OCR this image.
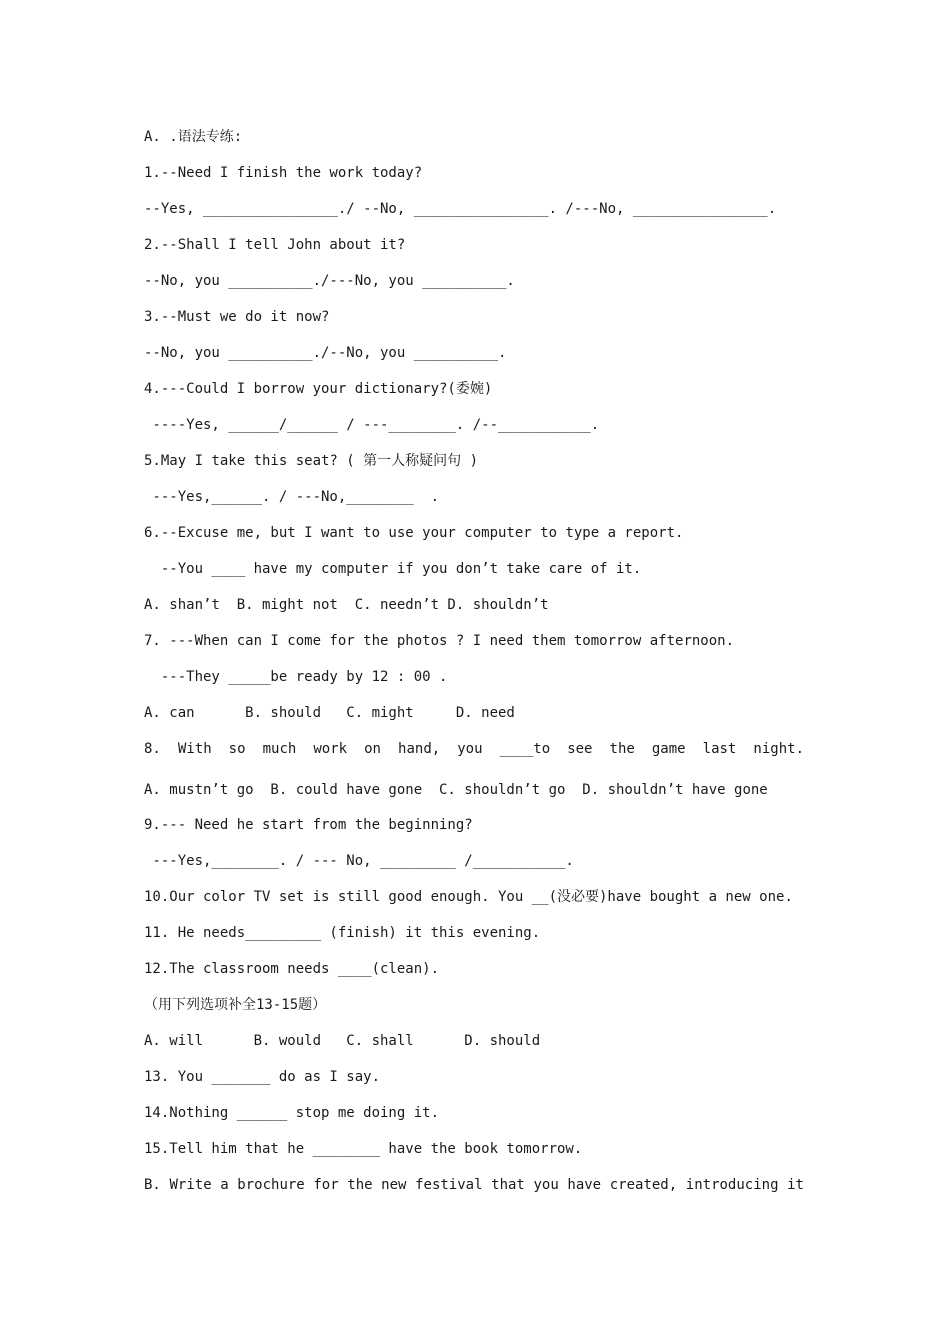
A. .语法专练:
1.--Need I finish the work today?
--Yes, ________________./ --No, ________________. /---No, ________________.
2.--Shall I tell John about it?
--No, you __________./---No, you __________.
3.--Must we do it now?
--No, you __________./--No, you __________.
4.---Could I borrow your dictionary?(委婉)
----Yes, ______/______ / ---________. /--___________.
5.May I take this seat? ( 第一人称疑问句 )
---Yes,______. / ---No,________  .
6.--Excuse me, but I want to use your computer to type a report.
--You ____ have my computer if you don’t take care of it.
A. shan’t  B. might not  C. needn’t D. shouldn’t
7. ---When can I come for the photos ? I need them tomorrow afternoon.
---They _____be ready by 12 : 00 .
A. can      B. should   C. might     D. need
8. With so much work on hand, you ____to see the game last night.
A. mustn’t go  B. could have gone  C. shouldn’t go  D. shouldn’t have gone
9.--- Need he start from the beginning?
---Yes,________. / --- No, _________ /___________.
10.Our color TV set is still good enough. You __(没必要)have bought a new one.
11. He needs_________ (finish) it this evening.
12.The classroom needs ____(clean).
（用下列选项补全13-15题）
A. will      B. would   C. shall      D. should
13. You _______ do as I say.
14.Nothing ______ stop me doing it.
15.Tell him that he ________ have the book tomorrow.
B. Write a brochure for the new festival that you have created, introducing it
